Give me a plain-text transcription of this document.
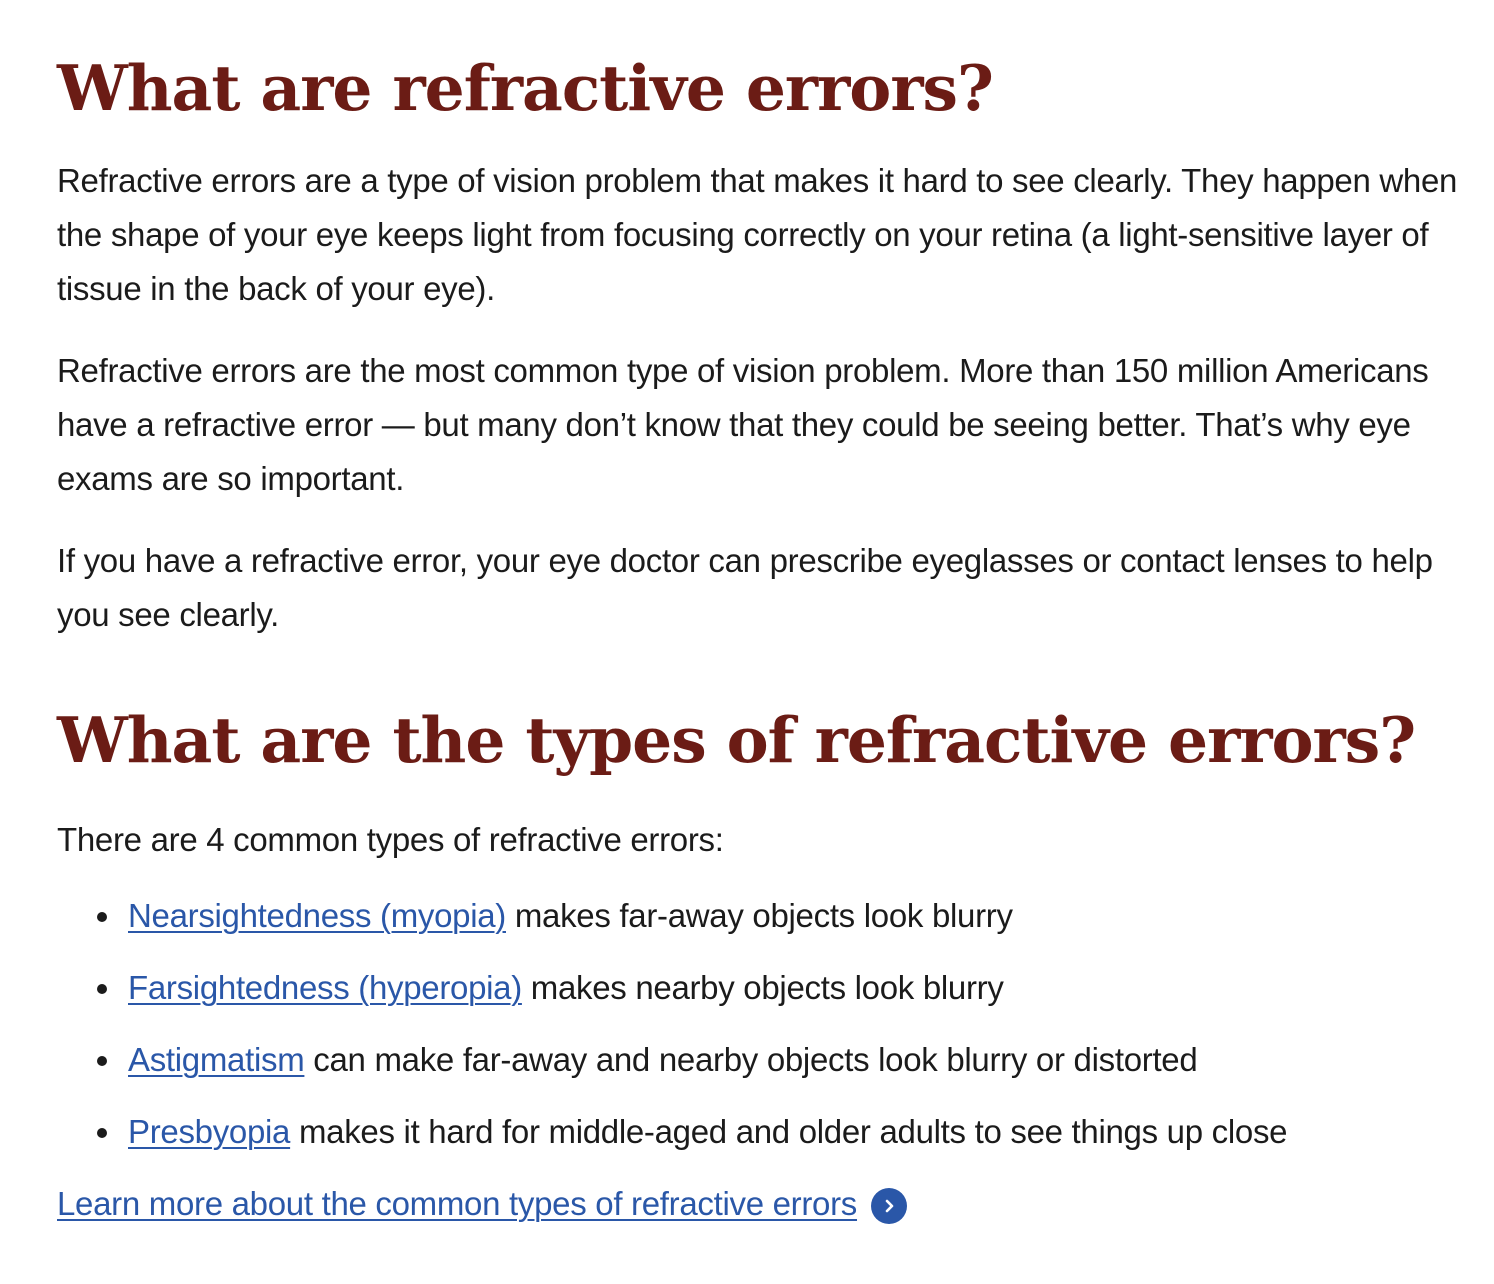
What are refractive errors?

Refractive errors are a type of vision problem that makes it hard to see clearly. They happen when the shape of your eye keeps light from focusing correctly on your retina (a light-sensitive layer of tissue in the back of your eye).

Refractive errors are the most common type of vision problem. More than 150 million Americans have a refractive error — but many don’t know that they could be seeing better. That’s why eye exams are so important.

If you have a refractive error, your eye doctor can prescribe eyeglasses or contact lenses to help you see clearly.

What are the types of refractive errors?

There are 4 common types of refractive errors:

Nearsightedness (myopia) makes far-away objects look blurry
Farsightedness (hyperopia) makes nearby objects look blurry
Astigmatism can make far-away and nearby objects look blurry or distorted
Presbyopia makes it hard for middle-aged and older adults to see things up close
Learn more about the common types of refractive errors
